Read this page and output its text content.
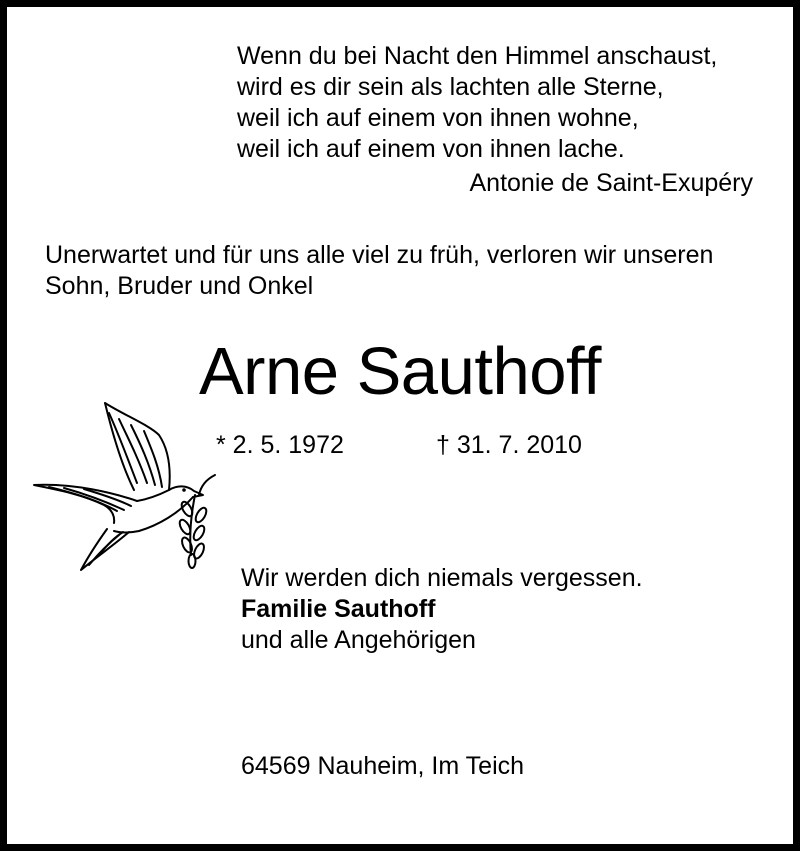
Wenn du bei Nacht den Himmel anschaust,
wird es dir sein als lachten alle Sterne,
weil ich auf einem von ihnen wohne,
weil ich auf einem von ihnen lache.
Antonie de Saint-Exupéry
Unerwartet und für uns alle viel zu früh, verloren wir unseren
Sohn, Bruder und Onkel
Arne Sauthoff
* 2. 5. 1972	† 31. 7. 2010
Wir werden dich niemals vergessen.
Familie Sauthoff
und alle Angehörigen
64569 Nauheim, Im Teich
